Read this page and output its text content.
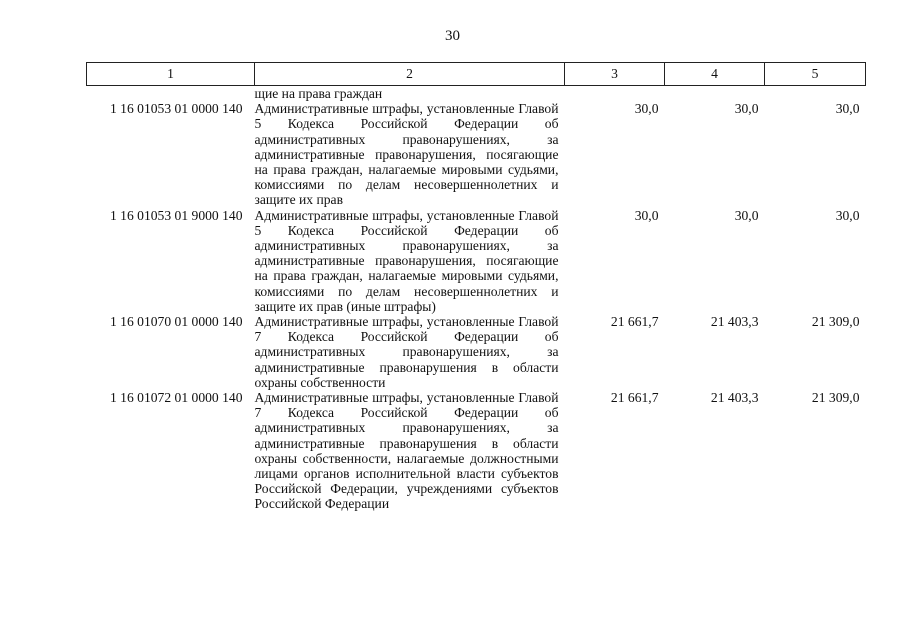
30
1	2	3	4	5
	щие на права граждан			
1 16 01053 01 0000 140	Административные штрафы, установленные Главой 5 Кодекса Российской Федерации об административных правонарушениях, за административные правонарушения, посягающие на права граждан, налагаемые мировыми судьями, комиссиями по делам несовершеннолетних и защите их прав	30,0	30,0	30,0
1 16 01053 01 9000 140	Административные штрафы, установленные Главой 5 Кодекса Российской Федерации об административных правонарушениях, за административные правонарушения, посягающие на права граждан, налагаемые мировыми судьями, комиссиями по делам несовершеннолетних и защите их прав (иные штрафы)	30,0	30,0	30,0
1 16 01070 01 0000 140	Административные штрафы, установленные Главой 7 Кодекса Российской Федерации об административных правонарушениях, за административные правонарушения в области охраны собственности	21 661,7	21 403,3	21 309,0
1 16 01072 01 0000 140	Административные штрафы, установленные Главой 7 Кодекса Российской Федерации об административных правонарушениях, за административные правонарушения в области охраны собственности, налагаемые должностными лицами органов исполнительной власти субъектов Российской Федерации, учреждениями субъектов Российской Федерации	21 661,7	21 403,3	21 309,0
